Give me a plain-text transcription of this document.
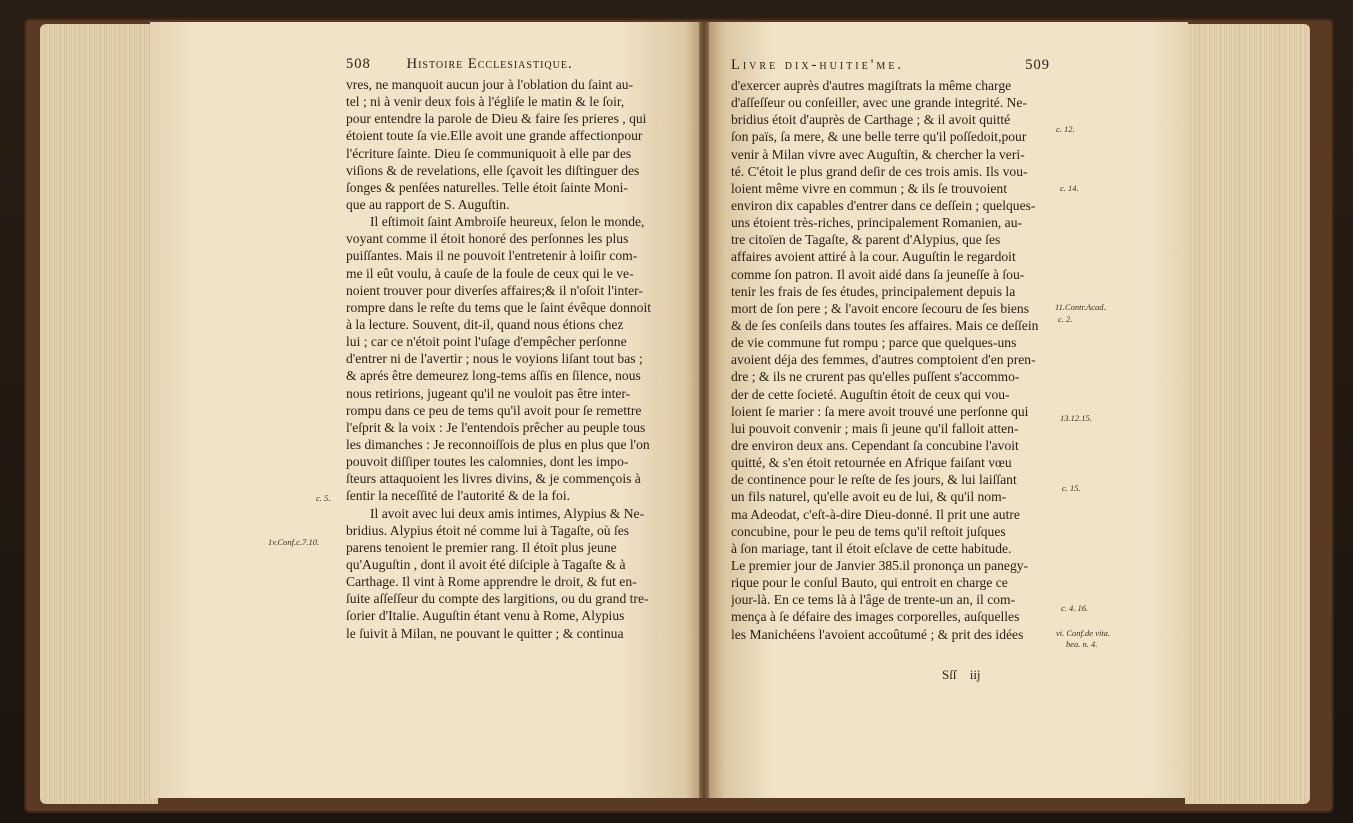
508 Histoire Ecclesiastique.
vres, ne manquoit aucun jour à l'oblation du ſaint au-
tel ; ni à venir deux fois à l'égliſe le matin & le ſoir,
pour entendre la parole de Dieu & faire ſes prieres , qui
étoient toute ſa vie.Elle avoit une grande affectionpour
l'écriture ſainte. Dieu ſe communiquoit à elle par des
viſions & de revelations, elle ſçavoit les diſtinguer des
ſonges & penſées naturelles. Telle étoit ſainte Moni-
que au rapport de S. Auguſtin.
Il eſtimoit ſaint Ambroiſe heureux, ſelon le monde,
voyant comme il étoit honoré des perſonnes les plus
puiſſantes. Mais il ne pouvoit l'entretenir à loiſir com-
me il eût voulu, à cauſe de la foule de ceux qui le ve-
noient trouver pour diverſes affaires;& il n'oſoit l'inter-
rompre dans le reſte du tems que le ſaint évêque donnoit
à la lecture. Souvent, dit-il, quand nous étions chez
lui ; car ce n'étoit point l'uſage d'empêcher perſonne
d'entrer ni de l'avertir ; nous le voyions liſant tout bas ;
& aprés être demeurez long-tems aſſis en ſilence, nous
nous retirions, jugeant qu'il ne vouloit pas être inter-
rompu dans ce peu de tems qu'il avoit pour ſe remettre
l'eſprit & la voix : Je l'entendois prêcher au peuple tous
les dimanches : Je reconnoiſſois de plus en plus que l'on
pouvoit diſſiper toutes les calomnies, dont les impo-
ſteurs attaquoient les livres divins, & je commençois à
ſentir la neceſſité de l'autorité & de la foi.
Il avoit avec lui deux amis intimes, Alypius & Ne-
bridius. Alypius étoit né comme lui à Tagaſte, où ſes
parens tenoient le premier rang. Il étoit plus jeune
qu'Auguſtin , dont il avoit été diſciple à Tagaſte & à
Carthage. Il vint à Rome apprendre le droit, & fut en-
ſuite aſſeſſeur du compte des largitions, ou du grand tre-
ſorier d'Italie. Auguſtin étant venu à Rome, Alypius
le ſuivit à Milan, ne pouvant le quitter ; & continua
c. 5.
1v.Conf.c.7.10.
Livre dix-huitie'me.	509
d'exercer auprès d'autres magiſtrats la même charge
d'aſſeſſeur ou conſeiller, avec une grande integrité. Ne-
bridius étoit d'auprès de Carthage ; & il avoit quitté
ſon païs, ſa mere, & une belle terre qu'il poſſedoit,pour
venir à Milan vivre avec Auguſtin, & chercher la veri-
té. C'étoit le plus grand deſir de ces trois amis. Ils vou-
loient même vivre en commun ; & ils ſe trouvoient
environ dix capables d'entrer dans ce deſſein ; quelques-
uns étoient très-riches, principalement Romanien, au-
tre citoïen de Tagaſte, & parent d'Alypius, que ſes
affaires avoient attiré à la cour. Auguſtin le regardoit
comme ſon patron. Il avoit aidé dans ſa jeuneſſe à ſou-
tenir les frais de ſes études, principalement depuis la
mort de ſon pere ; & l'avoit encore ſecouru de ſes biens
& de ſes conſeils dans toutes ſes affaires. Mais ce deſſein
de vie commune fut rompu ; parce que quelques-uns
avoient déja des femmes, d'autres comptoient d'en pren-
dre ; & ils ne crurent pas qu'elles puſſent s'accommo-
der de cette ſocieté. Auguſtin étoit de ceux qui vou-
loient ſe marier : ſa mere avoit trouvé une perſonne qui
lui pouvoit convenir ; mais ſi jeune qu'il falloit atten-
dre environ deux ans. Cependant ſa concubine l'avoit
quitté, & s'en étoit retournée en Afrique faiſant vœu
de continence pour le reſte de ſes jours, & lui laiſſant
un fils naturel, qu'elle avoit eu de lui, & qu'il nom-
ma Adeodat, c'eſt-à-dire Dieu-donné. Il prit une autre
concubine, pour le peu de tems qu'il reſtoit juſques
à ſon mariage, tant il étoit eſclave de cette habitude.
Le premier jour de Janvier 385.il prononça un panegy-
rique pour le conſul Bauto, qui entroit en charge ce
jour-là. En ce tems là à l'âge de trente-un an, il com-
mença à ſe défaire des images corporelles, auſquelles
les Manichéens l'avoient accoûtumé ; & prit des idées
Sſſ iij
c. 12.
c. 14.
11.Contr.Acad.
c. 2.
13.12.15.
c. 15.
c. 4. 16.
vi. Conf.de vita.
bea. n. 4.
